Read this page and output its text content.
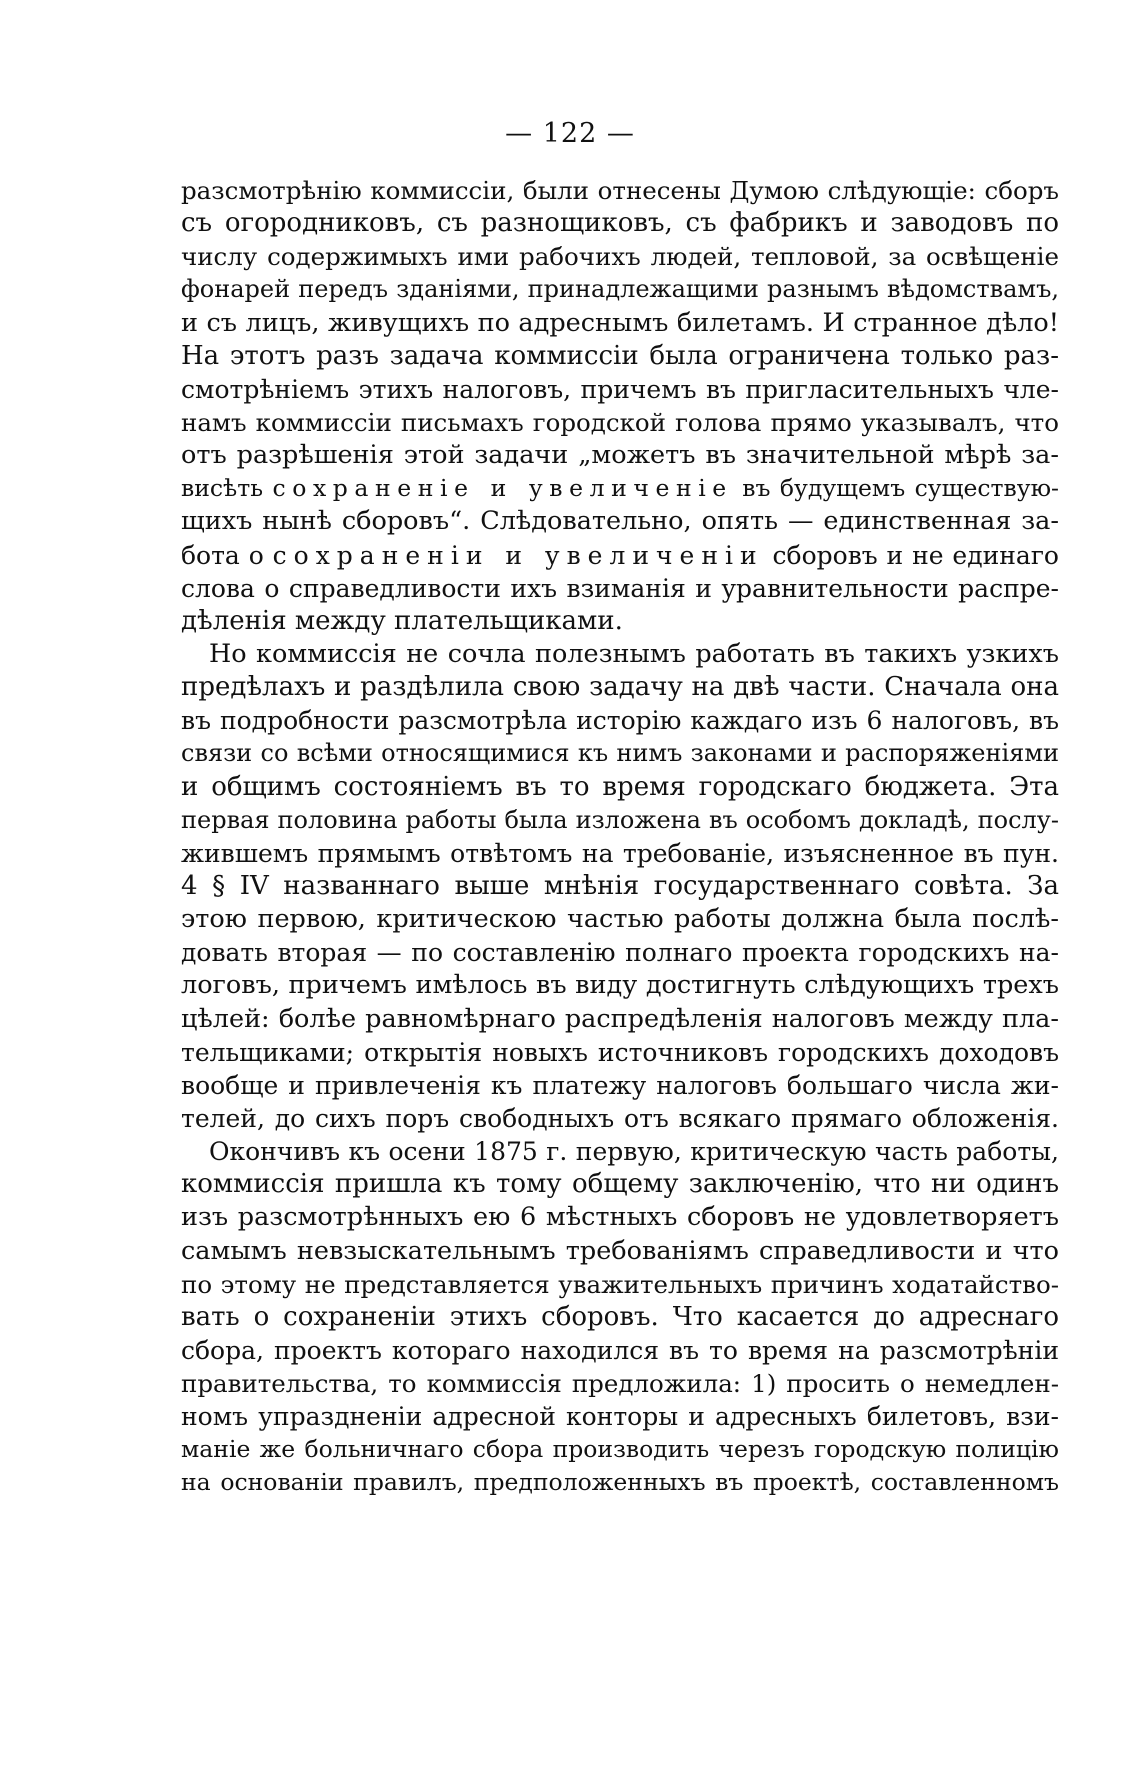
— 122 —
разсмотрѣнію коммиссіи, были отнесены Думою слѣдующіе: сборъ
съ огородниковъ, съ разнощиковъ, съ фабрикъ и заводовъ по
числу содержимыхъ ими рабочихъ людей, тепловой, за освѣщеніе
фонарей передъ зданіями, принадлежащими разнымъ вѣдомствамъ,
и съ лицъ, живущихъ по адреснымъ билетамъ. И странное дѣло!
На этотъ разъ задача коммиссіи была ограничена только раз-
смотрѣніемъ этихъ налоговъ, причемъ въ пригласительныхъ чле-
намъ коммиссіи письмахъ городской голова прямо указывалъ, что
отъ разрѣшенія этой задачи „можетъ въ значительной мѣрѣ за-
висѣть сохраненіе и увеличеніе въ будущемъ существую-
щихъ нынѣ сборовъ“. Слѣдовательно, опять — единственная за-
бота о сохраненіи и увеличеніи сборовъ и не единаго
слова о справедливости ихъ взиманія и уравнительности распре-
дѣленія между плательщиками.
Но коммиссія не сочла полезнымъ работать въ такихъ узкихъ
предѣлахъ и раздѣлила свою задачу на двѣ части. Сначала она
въ подробности разсмотрѣла исторію каждаго изъ 6 налоговъ, въ
связи со всѣми относящимися къ нимъ законами и распоряженіями
и общимъ состояніемъ въ то время городскаго бюджета. Эта
первая половина работы была изложена въ особомъ докладѣ, послу-
жившемъ прямымъ отвѣтомъ на требованіе, изъясненное въ пун.
4 § IV названнаго выше мнѣнія государственнаго совѣта. За
этою первою, критическою частью работы должна была послѣ-
довать вторая — по составленію полнаго проекта городскихъ на-
логовъ, причемъ имѣлось въ виду достигнуть слѣдующихъ трехъ
цѣлей: болѣе равномѣрнаго распредѣленія налоговъ между пла-
тельщиками; открытія новыхъ источниковъ городскихъ доходовъ
вообще и привлеченія къ платежу налоговъ большаго числа жи-
телей, до сихъ поръ свободныхъ отъ всякаго прямаго обложенія.
Окончивъ къ осени 1875 г. первую, критическую часть работы,
коммиссія пришла къ тому общему заключенію, что ни одинъ
изъ разсмотрѣнныхъ ею 6 мѣстныхъ сборовъ не удовлетворяетъ
самымъ невзыскательнымъ требованіямъ справедливости и что
по этому не представляется уважительныхъ причинъ ходатайство-
вать о сохраненіи этихъ сборовъ. Что касается до адреснаго
сбора, проектъ котораго находился въ то время на разсмотрѣніи
правительства, то коммиссія предложила: 1) просить о немедлен-
номъ упраздненіи адресной конторы и адресныхъ билетовъ, взи-
маніе же больничнаго сбора производить черезъ городскую полицію
на основаніи правилъ, предположенныхъ въ проектѣ, составленномъ
